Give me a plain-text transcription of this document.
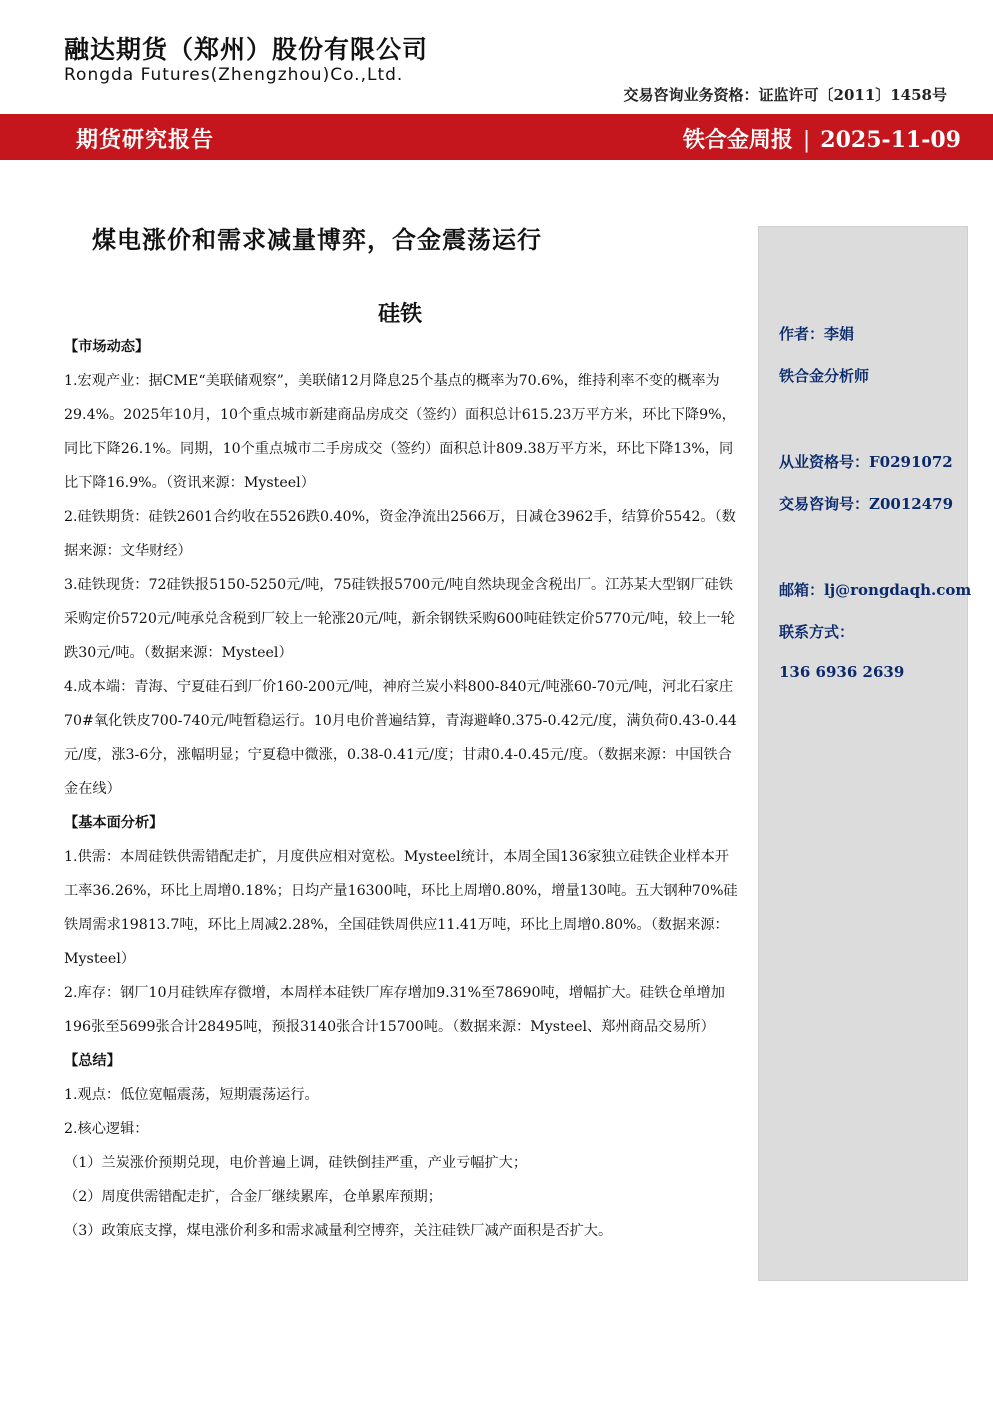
融达期货（郑州）股份有限公司
Rongda Futures(Zhengzhou)Co.,Ltd.
交易咨询业务资格：证监许可〔2011〕1458号
期货研究报告	铁合金周报 | 2025-11-09
煤电涨价和需求减量博弈，合金震荡运行
硅铁

【市场动态】

1.宏观产业：据CME“美联储观察”，美联储12月降息25个基点的概率为70.6%，维持利率不变的概率为29.4%。2025年10月，10个重点城市新建商品房成交（签约）面积总计615.23万平方米，环比下降9%，同比下降26.1%。同期，10个重点城市二手房成交（签约）面积总计809.38万平方米，环比下降13%，同比下降16.9%。（资讯来源：Mysteel）

2.硅铁期货：硅铁2601合约收在5526跌0.40%，资金净流出2566万，日减仓3962手，结算价5542。（数据来源：文华财经）

3.硅铁现货：72硅铁报5150-5250元/吨，75硅铁报5700元/吨自然块现金含税出厂。江苏某大型钢厂硅铁采购定价5720元/吨承兑含税到厂较上一轮涨20元/吨，新余钢铁采购600吨硅铁定价5770元/吨，较上一轮跌30元/吨。（数据来源：Mysteel）

4.成本端：青海、宁夏硅石到厂价160-200元/吨，神府兰炭小料800-840元/吨涨60-70元/吨，河北石家庄70#氧化铁皮700-740元/吨暂稳运行。10月电价普遍结算，青海避峰0.375-0.42元/度，满负荷0.43-0.44元/度，涨3-6分，涨幅明显；宁夏稳中微涨，0.38-0.41元/度；甘肃0.4-0.45元/度。（数据来源：中国铁合金在线）

【基本面分析】

1.供需：本周硅铁供需错配走扩，月度供应相对宽松。Mysteel统计，本周全国136家独立硅铁企业样本开工率36.26%，环比上周增0.18%；日均产量16300吨，环比上周增0.80%，增量130吨。五大钢种70%硅铁周需求19813.7吨，环比上周减2.28%，全国硅铁周供应11.41万吨，环比上周增0.80%。（数据来源：Mysteel）

2.库存：钢厂10月硅铁库存微增，本周样本硅铁厂库存增加9.31%至78690吨，增幅扩大。硅铁仓单增加196张至5699张合计28495吨，预报3140张合计15700吨。（数据来源：Mysteel、郑州商品交易所）

【总结】

1.观点：低位宽幅震荡，短期震荡运行。

2.核心逻辑：

（1）兰炭涨价预期兑现，电价普遍上调，硅铁倒挂严重，产业亏幅扩大；

（2）周度供需错配走扩，合金厂继续累库，仓单累库预期；

（3）政策底支撑，煤电涨价利多和需求减量利空博弈，关注硅铁厂减产面积是否扩大。

作者：李娟
铁合金分析师
从业资格号：F0291072
交易咨询号：Z0012479
邮箱：lj@rongdaqh.com
联系方式：
136 6936 2639
